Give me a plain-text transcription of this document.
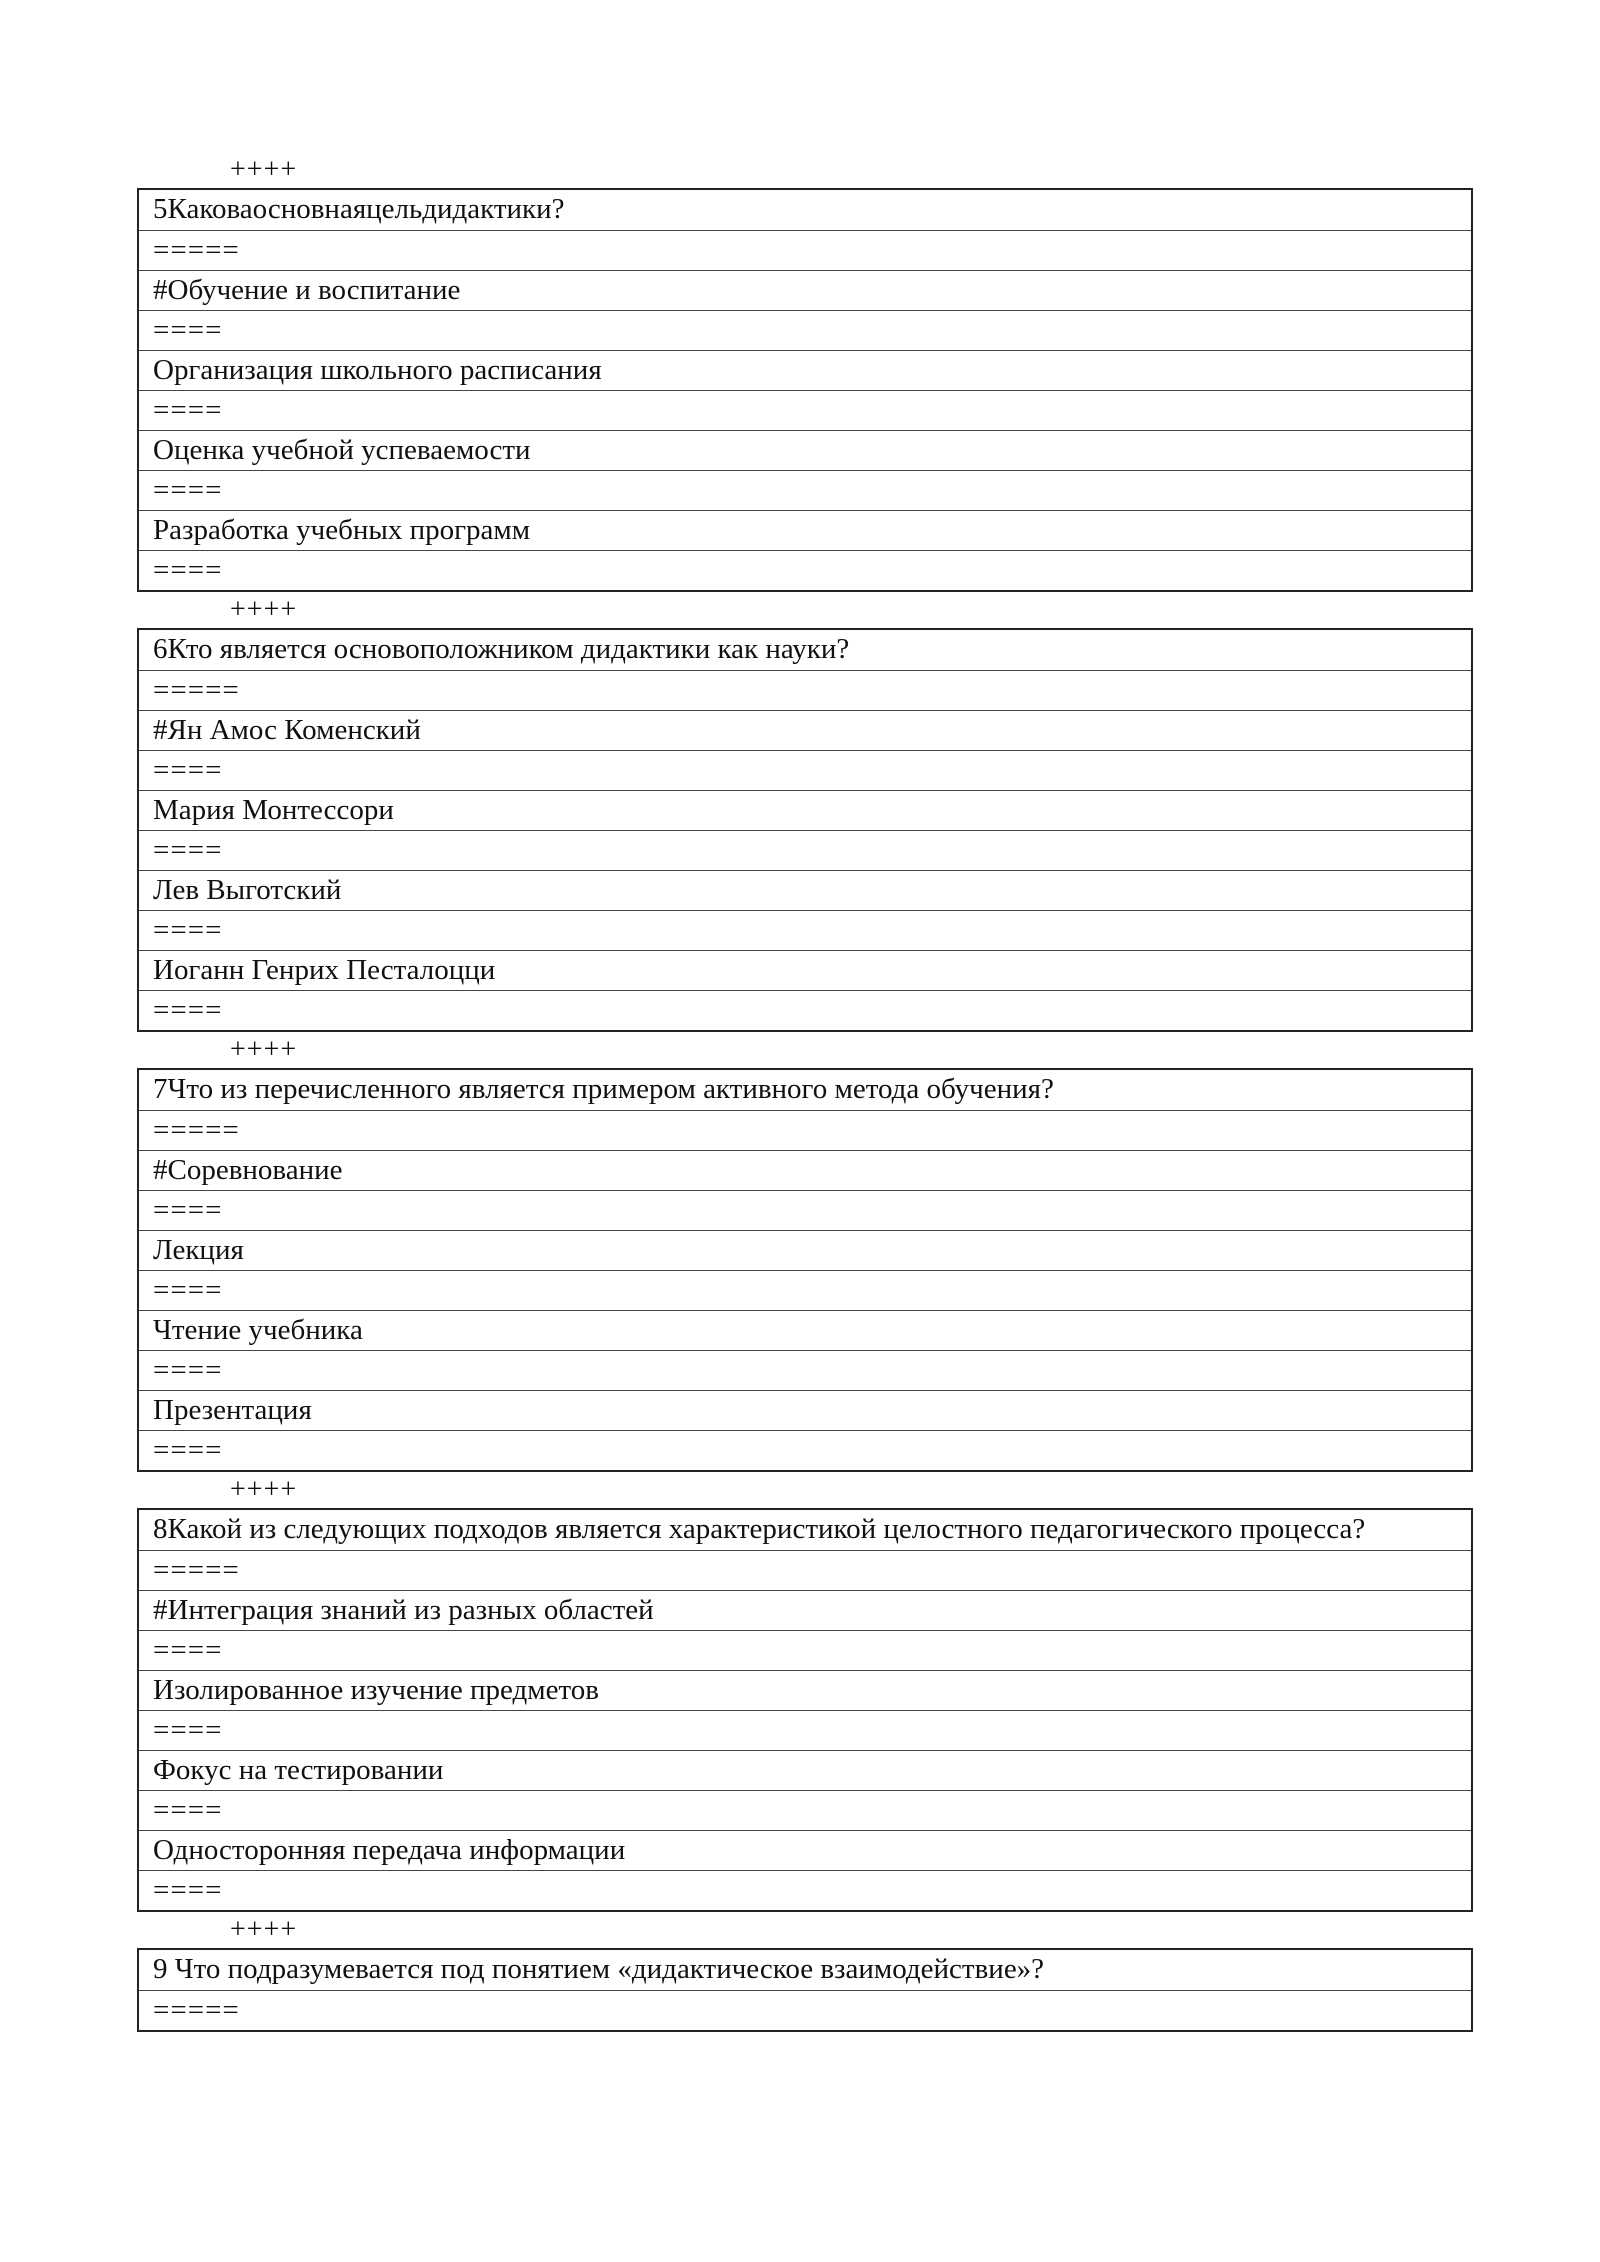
++++
5Каковаосновнаяцельдидактики?
=====
#Обучение и воспитание
====
Организация школьного расписания
====
Оценка учебной успеваемости
====
Разработка учебных программ
====
++++
6Кто является основоположником дидактики как науки?
=====
#Ян Амос Коменский
====
Мария Монтессори
====
Лев Выготский
====
Иоганн Генрих Песталоцци
====
++++
7Что из перечисленного является примером активного метода обучения?
=====
#Соревнование
====
Лекция
====
Чтение учебника
====
Презентация
====
++++
8Какой из следующих подходов является характеристикой целостного педагогического процесса?
=====
#Интеграция знаний из разных областей
====
Изолированное изучение предметов
====
Фокус на тестировании
====
Односторонняя передача информации
====
++++
9 Что подразумевается под понятием «дидактическое взаимодействие»?
=====
